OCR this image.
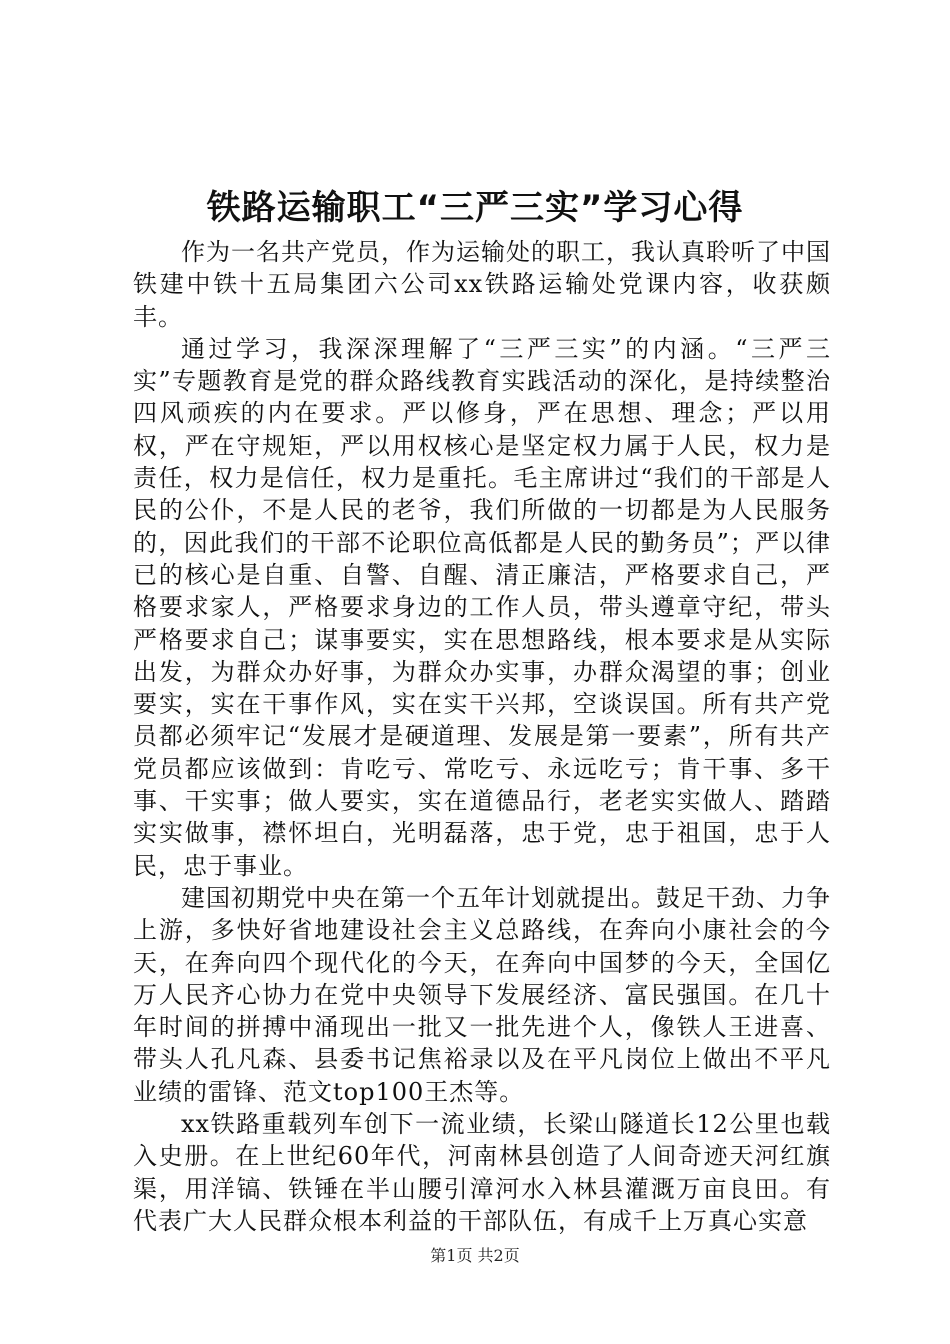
铁路运输职工“三严三实”学习心得

作为一名共产党员，作为运输处的职工，我认真聆听了中国铁建中铁十五局集团六公司xx铁路运输处党课内容，收获颇丰。

通过学习，我深深理解了“三严三实”的内涵。“三严三实”专题教育是党的群众路线教育实践活动的深化，是持续整治四风顽疾的内在要求。严以修身，严在思想、理念；严以用权，严在守规矩，严以用权核心是坚定权力属于人民，权力是责任，权力是信任，权力是重托。毛主席讲过“我们的干部是人民的公仆，不是人民的老爷，我们所做的一切都是为人民服务的，因此我们的干部不论职位高低都是人民的勤务员”；严以律已的核心是自重、自警、自醒、清正廉洁，严格要求自己，严格要求家人，严格要求身边的工作人员，带头遵章守纪，带头严格要求自己；谋事要实，实在思想路线，根本要求是从实际出发，为群众办好事，为群众办实事，办群众渴望的事；创业要实，实在干事作风，实在实干兴邦，空谈误国。所有共产党员都必须牢记“发展才是硬道理、发展是第一要素”，所有共产党员都应该做到：肯吃亏、常吃亏、永远吃亏；肯干事、多干事、干实事；做人要实，实在道德品行，老老实实做人、踏踏实实做事，襟怀坦白，光明磊落，忠于党，忠于祖国，忠于人民，忠于事业。

建国初期党中央在第一个五年计划就提出。鼓足干劲、力争上游，多快好省地建设社会主义总路线，在奔向小康社会的今天，在奔向四个现代化的今天，在奔向中国梦的今天，全国亿万人民齐心协力在党中央领导下发展经济、富民强国。在几十年时间的拼搏中涌现出一批又一批先进个人，像铁人王进喜、带头人孔凡森、县委书记焦裕录以及在平凡岗位上做出不平凡业绩的雷锋、范文top100王杰等。

xx铁路重载列车创下一流业绩，长梁山隧道长12公里也载入史册。在上世纪60年代，河南林县创造了人间奇迹天河红旗渠，用洋镐、铁锤在半山腰引漳河水入林县灌溉万亩良田。有代表广大人民群众根本利益的干部队伍，有成千上万真心实意

第1页 共2页
